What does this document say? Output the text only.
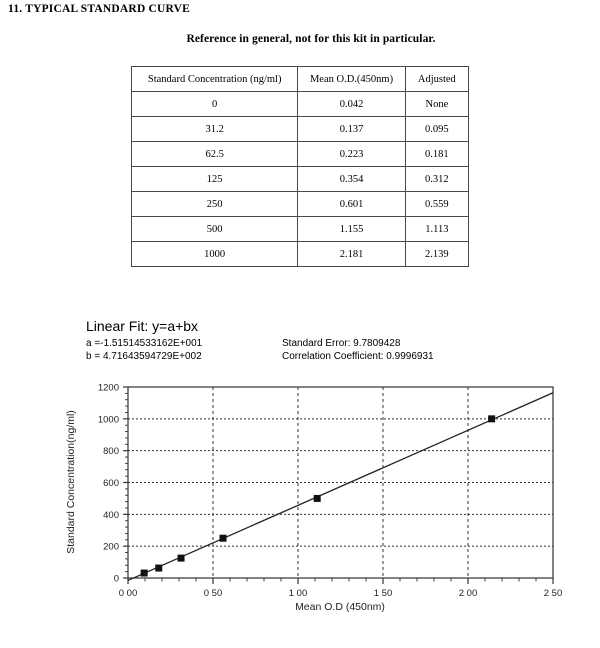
11. TYPICAL STANDARD CURVE
Reference in general, not for this kit in particular.
Standard Concentration (ng/ml)	Mean O.D.(450nm)	Adjusted
0	0.042	None
31.2	0.137	0.095
62.5	0.223	0.181
125	0.354	0.312
250	0.601	0.559
500	1.155	1.113
1000	2.181	2.139
Linear Fit: y=a+bx
a =-1.51514533162E+001	Standard Error: 9.7809428
b = 4.71643594729E+002	Correlation Coefficient: 0.9996931
0
200
400
600
800
1000
1200
0 00	0 50	1 00	1 50	2 00	2 50
Mean O.D (450nm)
Standard Concentration(ng/ml)
